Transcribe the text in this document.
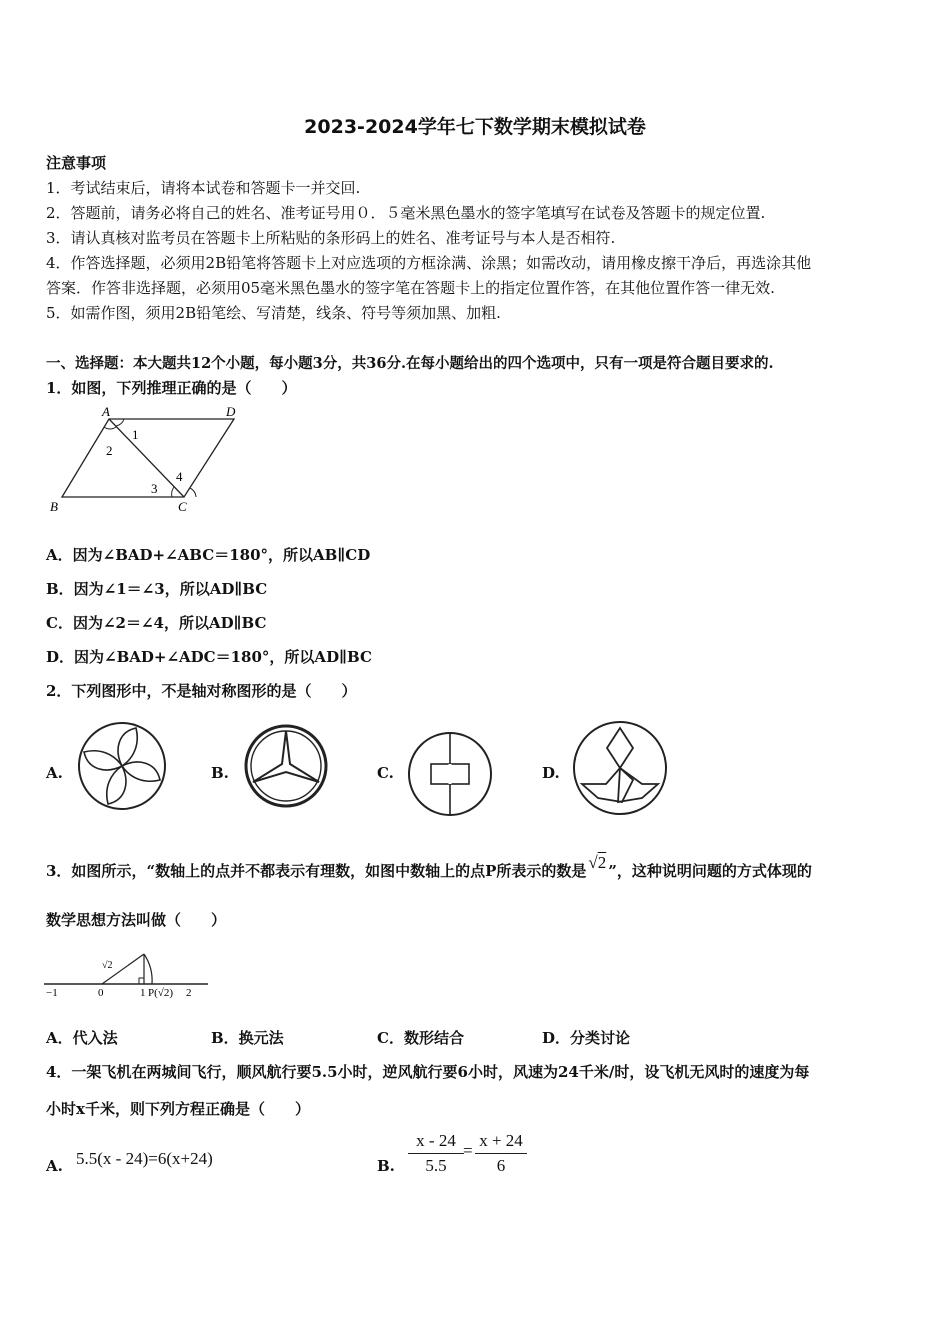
2023-2024学年七下数学期末模拟试卷
注意事项
1．考试结束后，请将本试卷和答题卡一并交回.
2．答题前，请务必将自己的姓名、准考证号用０．５毫米黑色墨水的签字笔填写在试卷及答题卡的规定位置.
3．请认真核对监考员在答题卡上所粘贴的条形码上的姓名、准考证号与本人是否相符.
4．作答选择题，必须用2B铅笔将答题卡上对应选项的方框涂满、涂黑；如需改动，请用橡皮擦干净后，再选涂其他
答案．作答非选择题，必须用05毫米黑色墨水的签字笔在答题卡上的指定位置作答，在其他位置作答一律无效.
5．如需作图，须用2B铅笔绘、写清楚，线条、符号等须加黑、加粗.
一、选择题：本大题共12个小题，每小题3分，共36分.在每小题给出的四个选项中，只有一项是符合题目要求的.
1．如图，下列推理正确的是（　　）
A	D
B	C
1
2
3
4
A．因为∠BAD+∠ABC＝180°，所以AB∥CD
B．因为∠1＝∠3，所以AD∥BC
C．因为∠2＝∠4，所以AD∥BC
D．因为∠BAD+∠ADC＝180°，所以AD∥BC
2．下列图形中，不是轴对称图形的是（　　）
A.	B.	C.	D.
3．如图所示，“数轴上的点并不都表示有理数，如图中数轴上的点P所表示的数是 √2 ”，这种说明问题的方式体现的
数学思想方法叫做（　　）
√2
−1	0	1 P(√2) 2
A．代入法	B．换元法	C．数形结合	D．分类讨论
4．一架飞机在两城间飞行，顺风航行要5.5小时，逆风航行要6小时，风速为24千米/时，设飞机无风时的速度为每
小时x千米，则下列方程正确是（　　）
A. 5.5(x - 24)=6(x+24)	B. $\frac{x - 24}{5.5} = \frac{x + 24}{6}$
